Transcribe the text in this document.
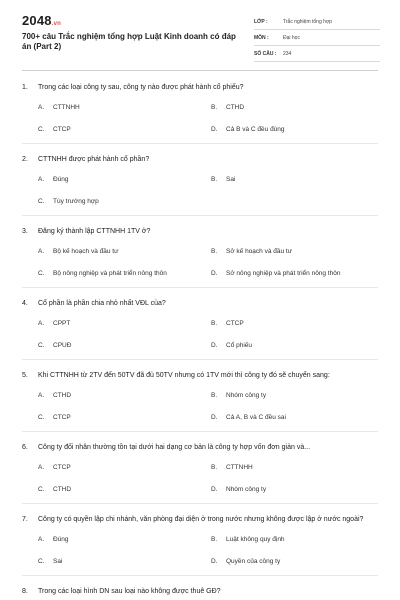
2048.vn
700+ câu Trắc nghiệm tổng hợp Luật Kinh doanh có đáp án (Part 2)
LỚP :	Trắc nghiệm tổng hợp
MÔN :	Đại học
SỐ CÂU :	234
1. Trong các loại công ty sau, công ty nào được phát hành cổ phiếu?
A.	CTTNHH	B.	CTHD
C.	CTCP	D.	Cả B và C đều đúng
2. CTTNHH được phát hành cổ phần?
A.	Đúng	B.	Sai
C.	Tùy trường hợp
3. Đăng ký thành lập CTTNHH 1TV ở?
A.	Bộ kế hoạch và đầu tư	B.	Sở kế hoạch và đầu tư
C.	Bộ nông nghiệp và phát triển nông thôn	D.	Sở nông nghiệp và phát triển nông thôn
4. Cổ phần là phần chia nhỏ nhất VĐL của?
A.	CPPT	B.	CTCP
C.	CPUĐ	D.	Cổ phiếu
5. Khi CTTNHH từ 2TV đến 50TV đã đủ 50TV nhưng có 1TV mới thì công ty đó sẽ chuyển sang:
A.	CTHD	B.	Nhóm công ty
C.	CTCP	D.	Cả A, B và C đều sai
6. Công ty đối nhân thường tồn tại dưới hai dạng cơ bản là công ty hợp vốn đơn giản và...
A.	CTCP	B.	CTTNHH
C.	CTHD	D.	Nhóm công ty
7. Công ty có quyền lập chi nhánh, văn phòng đại diện ở trong nước nhưng không được lập ở nước ngoài?
A.	Đúng	B.	Luật không quy định
C.	Sai	D.	Quyền của công ty
8. Trong các loại hình DN sau loại nào không được thuê GĐ?
